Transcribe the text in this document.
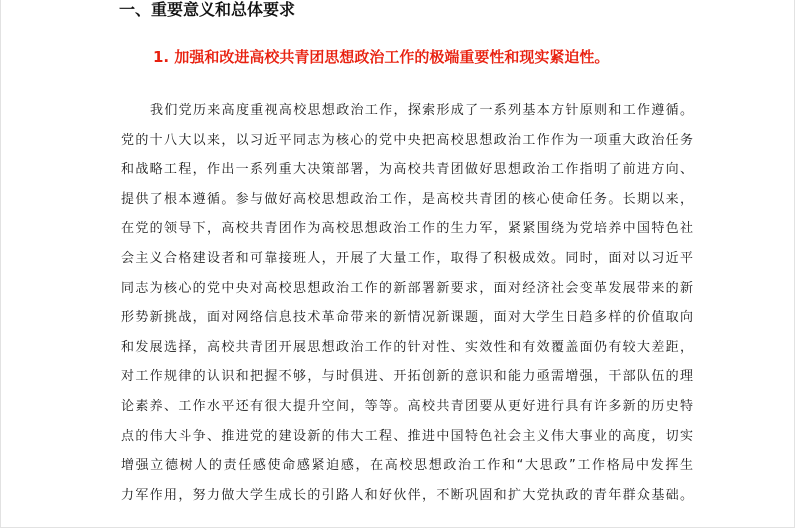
一、重要意义和总体要求
1. 加强和改进高校共青团思想政治工作的极端重要性和现实紧迫性。
我们党历来高度重视高校思想政治工作，探索形成了一系列基本方针原则和工作遵循。
党的十八大以来，以习近平同志为核心的党中央把高校思想政治工作作为一项重大政治任务
和战略工程，作出一系列重大决策部署，为高校共青团做好思想政治工作指明了前进方向、
提供了根本遵循。参与做好高校思想政治工作，是高校共青团的核心使命任务。长期以来，
在党的领导下，高校共青团作为高校思想政治工作的生力军，紧紧围绕为党培养中国特色社
会主义合格建设者和可靠接班人，开展了大量工作，取得了积极成效。同时，面对以习近平
同志为核心的党中央对高校思想政治工作的新部署新要求，面对经济社会变革发展带来的新
形势新挑战，面对网络信息技术革命带来的新情况新课题，面对大学生日趋多样的价值取向
和发展选择，高校共青团开展思想政治工作的针对性、实效性和有效覆盖面仍有较大差距，
对工作规律的认识和把握不够，与时俱进、开拓创新的意识和能力亟需增强，干部队伍的理
论素养、工作水平还有很大提升空间，等等。高校共青团要从更好进行具有许多新的历史特
点的伟大斗争、推进党的建设新的伟大工程、推进中国特色社会主义伟大事业的高度，切实
增强立德树人的责任感使命感紧迫感，在高校思想政治工作和“大思政”工作格局中发挥生
力军作用，努力做大学生成长的引路人和好伙伴，不断巩固和扩大党执政的青年群众基础。
